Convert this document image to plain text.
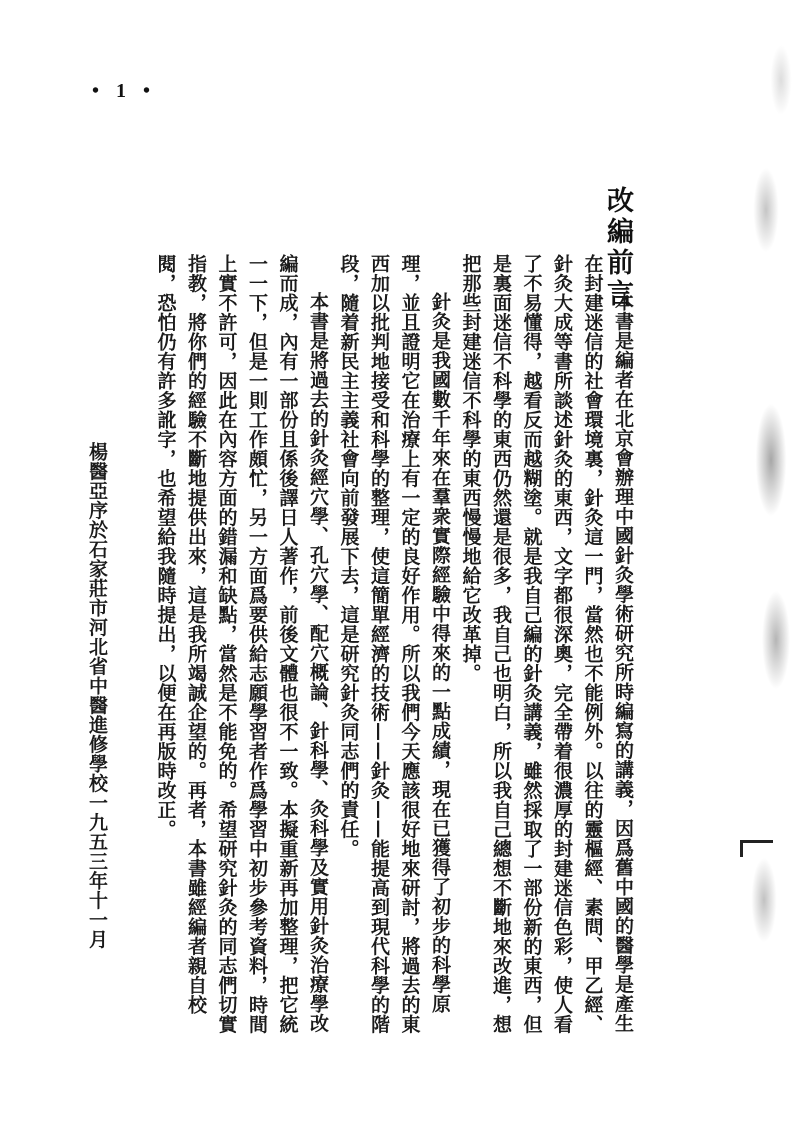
• 1 •
改編前言

本書是編者在北京會辦理中國針灸學術研究所時編寫的講義，因爲舊中國的醫學是產生在封建迷信的社會環境裏，針灸這一門，當然也不能例外。以往的靈樞經、素問、甲乙經、針灸大成等書所談述針灸的東西，文字都很深奧，完全帶着很濃厚的封建迷信色彩，使人看了不易懂得，越看反而越糊塗。就是我自己編的針灸講義，雖然採取了一部份新的東西，但是裏面迷信不科學的東西仍然還是很多，我自己也明白，所以我自己總想不斷地來改進，想把那些封建迷信不科學的東西慢慢地給它改革掉。

針灸是我國數千年來在羣衆實際經驗中得來的一點成績，現在已獲得了初步的科學原理，並且證明它在治療上有一定的良好作用。所以我們今天應該很好地來研討，將過去的東西加以批判地接受和科學的整理，使這簡單經濟的技術——針灸——能提高到現代科學的階段，隨着新民主主義社會向前發展下去，這是研究針灸同志們的責任。

本書是將過去的針灸經穴學、孔穴學、配穴概論、針科學、灸科學及實用針灸治療學改編而成，內有一部份且係後譯日人著作，前後文體也很不一致。本擬重新再加整理，把它統一一下，但是一則工作頗忙，另一方面爲要供給志願學習者作爲學習中初步參考資料，時間上實不許可，因此在內容方面的錯漏和缺點，當然是不能免的。希望研究針灸的同志們切實指教，將你們的經驗不斷地提供出來，這是我所竭誠企望的。再者，本書雖經編者親自校閱，恐怕仍有許多訛字，也希望給我隨時提出，以便在再版時改正。

楊醫亞序於石家莊市河北省中醫進修學校一九五三年十一月
